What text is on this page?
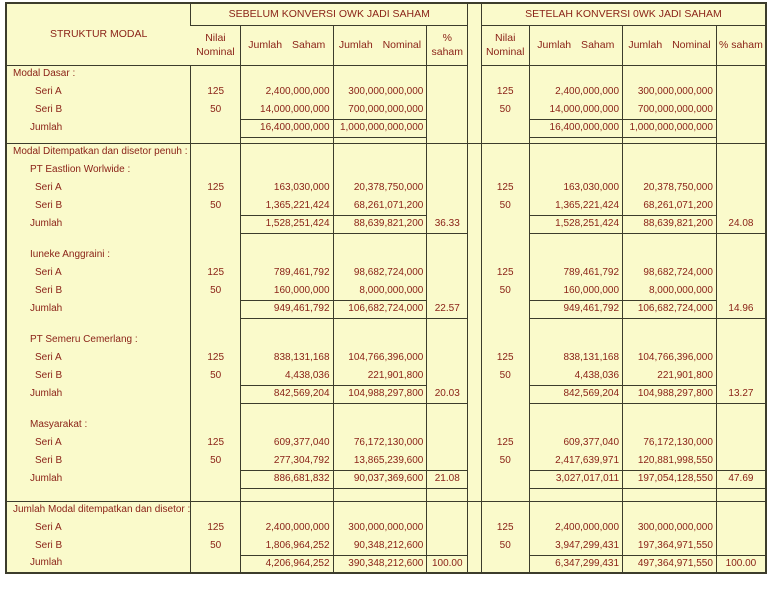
STRUKTUR MODAL	SEBELUM KONVERSI OWK JADI SAHAM					SETELAH KONVERSI 0WK JADI SAHAM			
	Nilai Nominal	Jumlah Saham	Jumlah Nominal	% saham		Nilai Nominal	Jumlah Saham	Jumlah Nominal	% saham
Modal Dasar :									
Seri A	125	2,400,000,000	300,000,000,000			125	2,400,000,000	300,000,000,000	
Seri B	50	14,000,000,000	700,000,000,000			50	14,000,000,000	700,000,000,000	
Jumlah		16,400,000,000	1,000,000,000,000				16,400,000,000	1,000,000,000,000	

Modal Ditempatkan dan disetor penuh :									
PT Eastlion Worlwide :									
Seri A	125	163,030,000	20,378,750,000			125	163,030,000	20,378,750,000	
Seri B	50	1,365,221,424	68,261,071,200			50	1,365,221,424	68,261,071,200	
Jumlah		1,528,251,424	88,639,821,200	36.33			1,528,251,424	88,639,821,200	24.08

Iuneke Anggraini :									
Seri A	125	789,461,792	98,682,724,000			125	789,461,792	98,682,724,000	
Seri B	50	160,000,000	8,000,000,000			50	160,000,000	8,000,000,000	
Jumlah		949,461,792	106,682,724,000	22.57			949,461,792	106,682,724,000	14.96

PT Semeru Cemerlang :									
Seri A	125	838,131,168	104,766,396,000			125	838,131,168	104,766,396,000	
Seri B	50	4,438,036	221,901,800			50	4,438,036	221,901,800	
Jumlah		842,569,204	104,988,297,800	20.03			842,569,204	104,988,297,800	13.27

Masyarakat :									
Seri A	125	609,377,040	76,172,130,000			125	609,377,040	76,172,130,000	
Seri B	50	277,304,792	13,865,239,600			50	2,417,639,971	120,881,998,550	
Jumlah		886,681,832	90,037,369,600	21.08			3,027,017,011	197,054,128,550	47.69

Jumlah Modal ditempatkan dan disetor :									
Seri A	125	2,400,000,000	300,000,000,000			125	2,400,000,000	300,000,000,000	
Seri B	50	1,806,964,252	90,348,212,600			50	3,947,299,431	197,364,971,550	
Jumlah		4,206,964,252	390,348,212,600	100.00			6,347,299,431	497,364,971,550	100.00
